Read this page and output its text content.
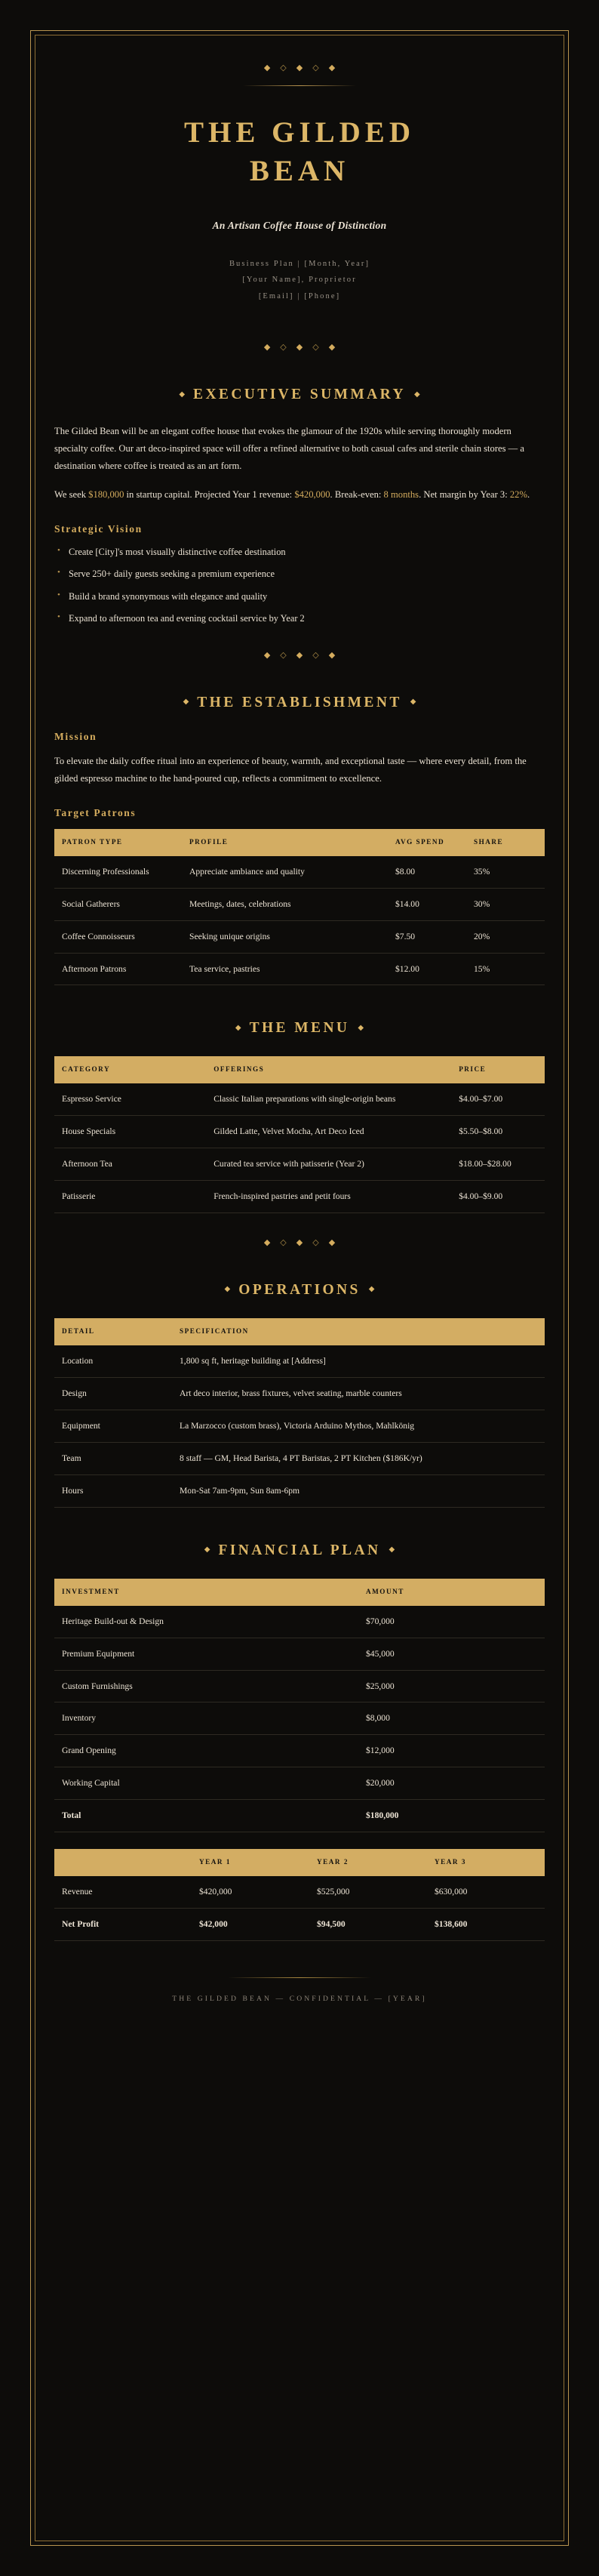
◆◇◆◇◆
THE GILDED BEAN
An Artisan Coffee House of Distinction
Business Plan | [Month, Year]
[Your Name], Proprietor
[Email] | [Phone]
◆◇◆◇◆
◆ EXECUTIVE SUMMARY ◆

The Gilded Bean will be an elegant coffee house that evokes the glamour of the 1920s while serving thoroughly modern specialty coffee. Our art deco-inspired space will offer a refined alternative to both casual cafes and sterile chain stores — a destination where coffee is treated as an art form.

We seek $180,000 in startup capital. Projected Year 1 revenue: $420,000. Break-even: 8 months. Net margin by Year 3: 22%.

Strategic Vision
• Create [City]'s most visually distinctive coffee destination
• Serve 250+ daily guests seeking a premium experience
• Build a brand synonymous with elegance and quality
• Expand to afternoon tea and evening cocktail service by Year 2
◆◇◆◇◆
◆ THE ESTABLISHMENT ◆
Mission

To elevate the daily coffee ritual into an experience of beauty, warmth, and exceptional taste — where every detail, from the gilded espresso machine to the hand-poured cup, reflects a commitment to excellence.

Target Patrons
PATRON TYPE	PROFILE	AVG SPEND	SHARE
Discerning Professionals	Appreciate ambiance and quality	$8.00	35%
Social Gatherers	Meetings, dates, celebrations	$14.00	30%
Coffee Connoisseurs	Seeking unique origins	$7.50	20%
Afternoon Patrons	Tea service, pastries	$12.00	15%
◆ THE MENU ◆
CATEGORY	OFFERINGS	PRICE
Espresso Service	Classic Italian preparations with single-origin beans	$4.00–$7.00
House Specials	Gilded Latte, Velvet Mocha, Art Deco Iced	$5.50–$8.00
Afternoon Tea	Curated tea service with patisserie (Year 2)	$18.00–$28.00
Patisserie	French-inspired pastries and petit fours	$4.00–$9.00
◆◇◆◇◆
◆ OPERATIONS ◆
DETAIL	SPECIFICATION
Location	1,800 sq ft, heritage building at [Address]
Design	Art deco interior, brass fixtures, velvet seating, marble counters
Equipment	La Marzocco (custom brass), Victoria Arduino Mythos, Mahlkönig
Team	8 staff — GM, Head Barista, 4 PT Baristas, 2 PT Kitchen ($186K/yr)
Hours	Mon-Sat 7am-9pm, Sun 8am-6pm
◆ FINANCIAL PLAN ◆
INVESTMENT	AMOUNT
Heritage Build-out & Design	$70,000
Premium Equipment	$45,000
Custom Furnishings	$25,000
Inventory	$8,000
Grand Opening	$12,000
Working Capital	$20,000
Total	$180,000
	YEAR 1	YEAR 2	YEAR 3
Revenue	$420,000	$525,000	$630,000
Net Profit	$42,000	$94,500	$138,600
THE GILDED BEAN — CONFIDENTIAL — [YEAR]
